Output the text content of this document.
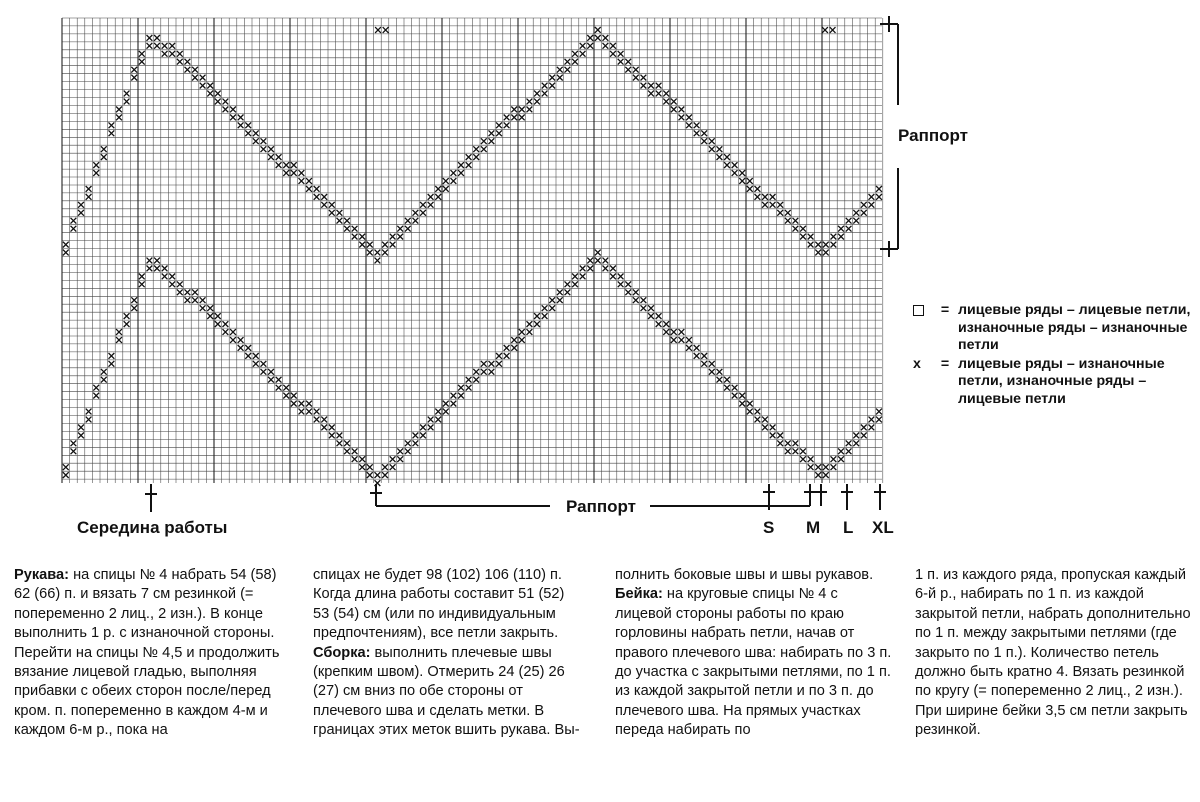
Раппорт
Раппорт
Середина работы	S M L XL
= лицевые ряды – лицевые петли, изнаночные ряды – изнаночные петли
x	= лицевые ряды – изнаночные петли, изнаночные ряды – лицевые петли

Рукава: на спицы № 4 набрать 54 (58) 62 (66) п. и вязать 7 см резинкой (= попеременно 2 лиц., 2 изн.). В конце выполнить 1 р. с изнаночной стороны. Перейти на спицы № 4,5 и продолжить вязание лицевой гладью, выполняя прибавки с обеих сторон после/перед кром. п. попеременно в каждом 4-м и каждом 6-м р., пока на

спицах не будет 98 (102) 106 (110) п. Когда длина работы составит 51 (52) 53 (54) см (или по индивидуальным предпочтениям), все петли закрыть.

Сборка: выполнить плечевые швы (крепким швом). Отмерить 24 (25) 26 (27) см вниз по обе стороны от плечевого шва и сделать метки. В границах этих меток вшить рукава. Вы-

полнить боковые швы и швы рукавов.

Бейка: на круговые спицы № 4 с лицевой стороны работы по краю горловины набрать петли, начав от правого плечевого шва: набирать по 3 п. до участка с закрытыми петлями, по 1 п. из каждой закрытой петли и по 3 п. до плечевого шва. На прямых участках переда набирать по

1 п. из каждого ряда, пропуская каждый 6-й р., набирать по 1 п. из каждой закрытой петли, набрать дополнительно по 1 п. между закрытыми петлями (где закрыто по 1 п.). Количество петель должно быть кратно 4. Вязать резинкой по кругу (= попеременно 2 лиц., 2 изн.). При ширине бейки 3,5 см петли закрыть резинкой.
